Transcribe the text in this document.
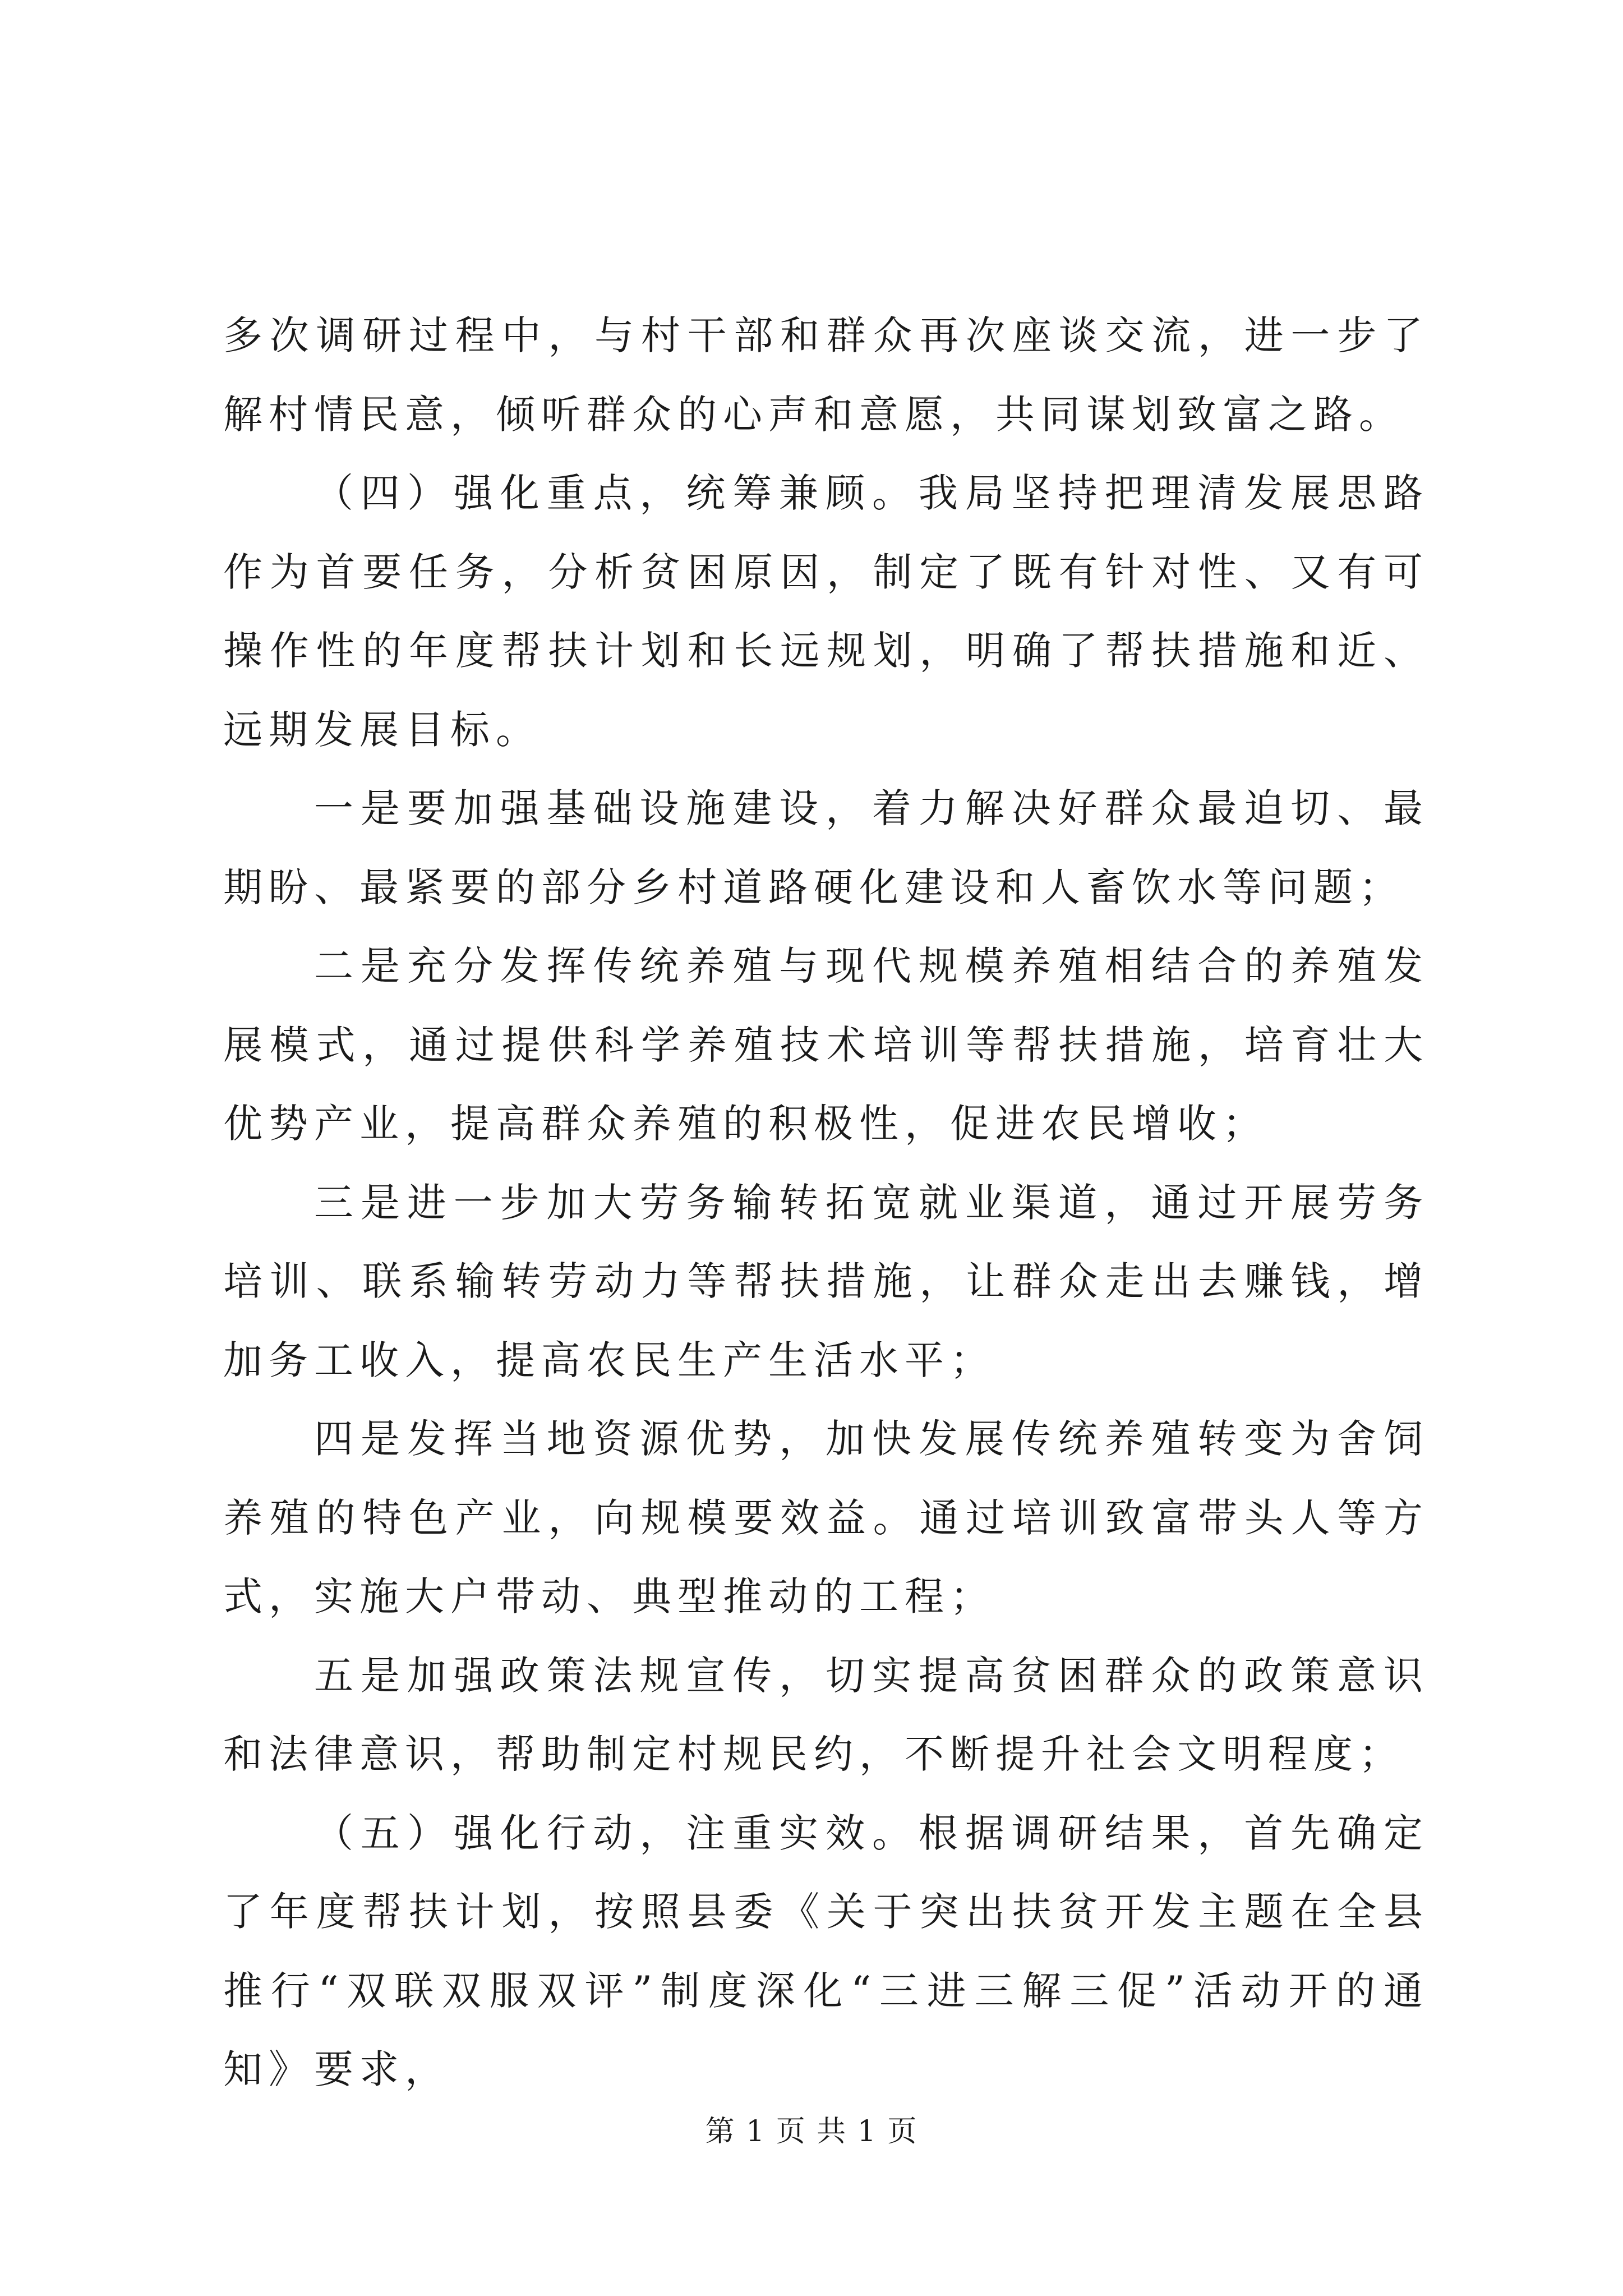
多次调研过程中，与村干部和群众再次座谈交流，进一步了解村情民意，倾听群众的心声和意愿，共同谋划致富之路。

（四）强化重点，统筹兼顾。我局坚持把理清发展思路作为首要任务，分析贫困原因，制定了既有针对性、又有可操作性的年度帮扶计划和长远规划，明确了帮扶措施和近、远期发展目标。

一是要加强基础设施建设，着力解决好群众最迫切、最期盼、最紧要的部分乡村道路硬化建设和人畜饮水等问题；

二是充分发挥传统养殖与现代规模养殖相结合的养殖发展模式，通过提供科学养殖技术培训等帮扶措施，培育壮大优势产业，提高群众养殖的积极性，促进农民增收；

三是进一步加大劳务输转拓宽就业渠道，通过开展劳务培训、联系输转劳动力等帮扶措施，让群众走出去赚钱，增加务工收入，提高农民生产生活水平；

四是发挥当地资源优势，加快发展传统养殖转变为舍饲养殖的特色产业，向规模要效益。通过培训致富带头人等方式，实施大户带动、典型推动的工程；

五是加强政策法规宣传，切实提高贫困群众的政策意识和法律意识，帮助制定村规民约，不断提升社会文明程度；

（五）强化行动，注重实效。根据调研结果，首先确定了年度帮扶计划，按照县委《关于突出扶贫开发主题在全县推行“双联双服双评”制度深化“三进三解三促”活动开的通知》要求，

第 1 页 共 1 页
